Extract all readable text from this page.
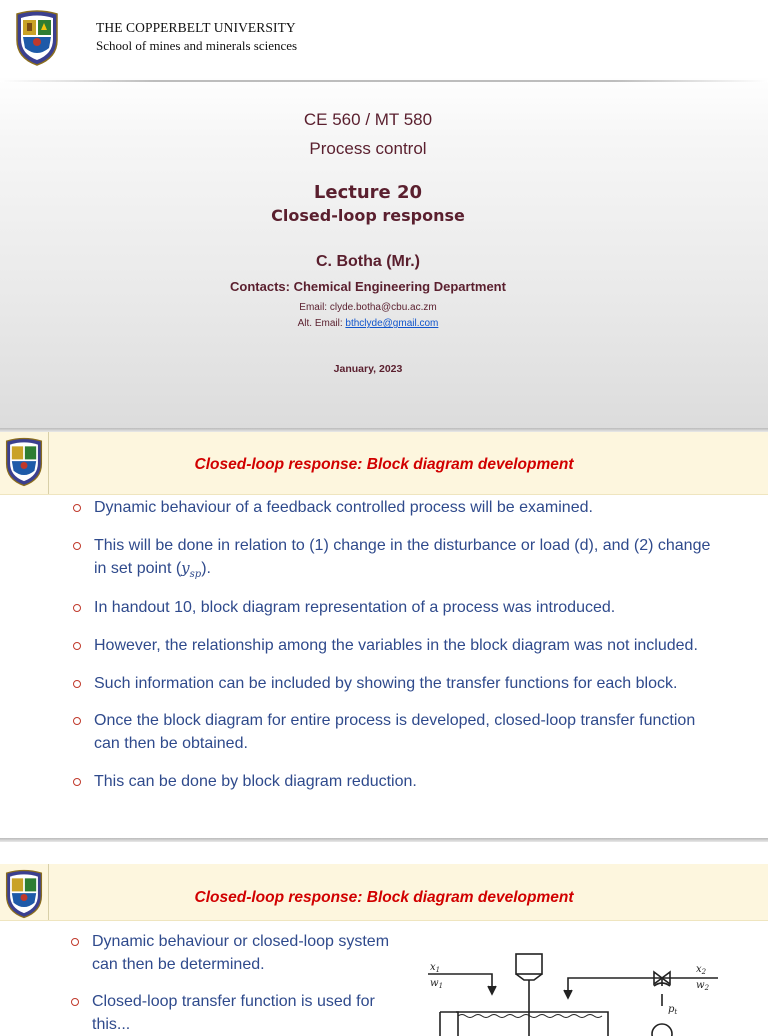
THE COPPERBELT UNIVERSITY
School of mines and minerals sciences
CE 560 / MT 580
Process control
Lecture 20
Closed-loop response
C. Botha (Mr.)
Contacts: Chemical Engineering Department
Email: clyde.botha@cbu.ac.zm
Alt. Email: bthclyde@gmail.com
January, 2023
Closed-loop response: Block diagram development
Dynamic behaviour of a feedback controlled process will be examined.
This will be done in relation to (1) change in the disturbance or load (d), and (2) change
in set point $(y_{sp})$.
In handout 10, block diagram representation of a process was introduced.
However, the relationship among the variables in the block diagram was not included.
Such information can be included by showing the transfer functions for each block.
Once the block diagram for entire process is developed, closed-loop transfer function
can then be obtained.
This can be done by block diagram reduction.
Closed-loop response: Block diagram development
Dynamic behaviour or closed-loop system
can then be determined.
Closed-loop transfer function is used for
this...
$x_1$
$w_1$
$x_2$
$w_2$
$p_t$
